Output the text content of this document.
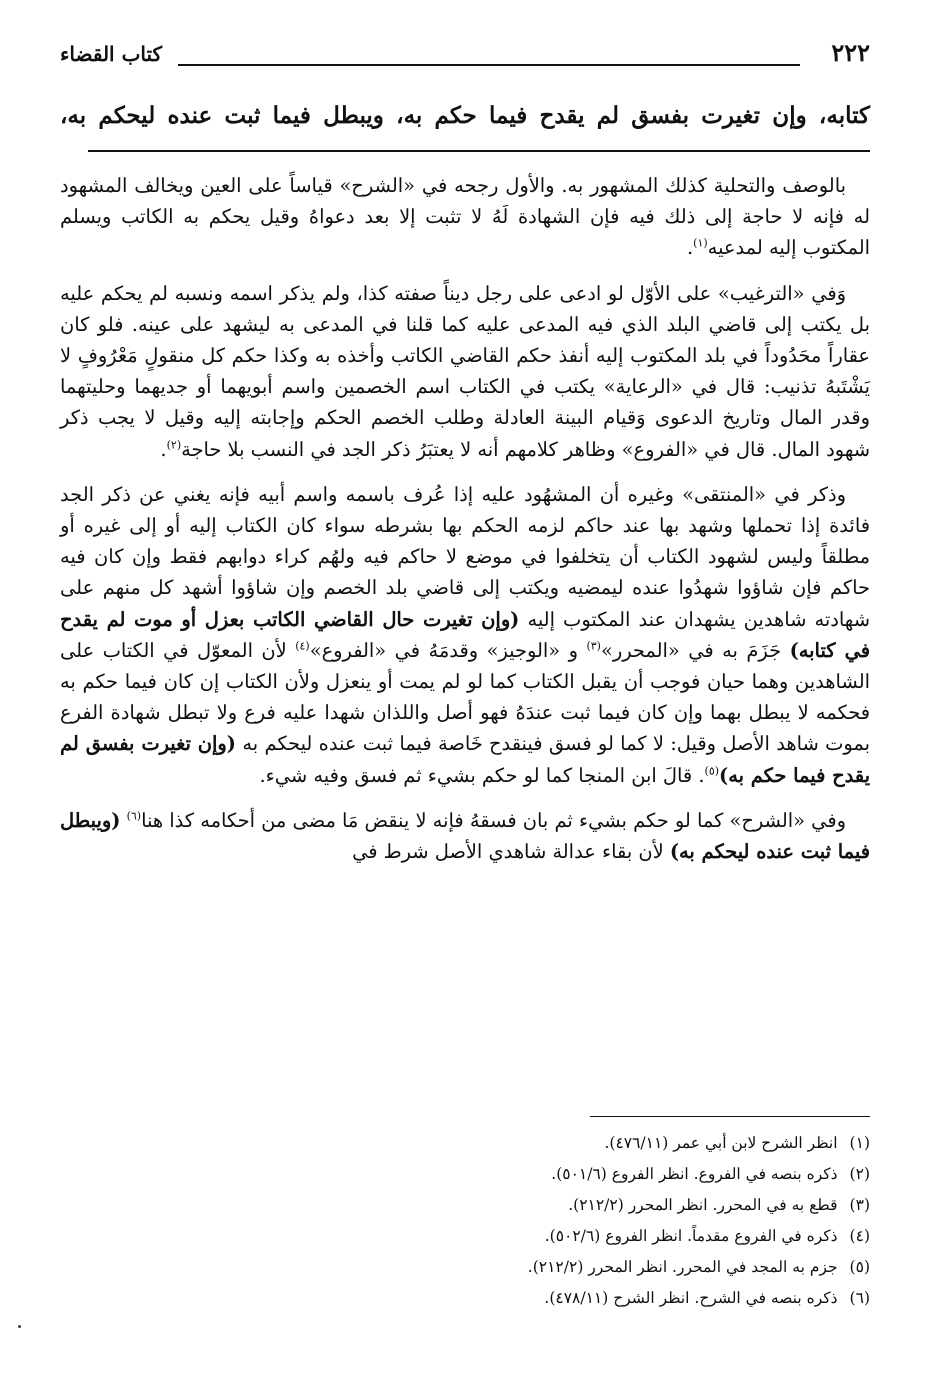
٢٢٢
كتاب القضاء
كتابه، وإن تغيرت بفسق لم يقدح فيما حكم به، ويبطل فيما ثبت عنده ليحكم به،

بالوصف والتحلية كذلك المشهور به. والأول رجحه في «الشرح» قياساً على العين ويخالف المشهود له فإنه لا حاجة إلى ذلك فيه فإن الشهادة لَهُ لا تثبت إلا بعد دعواهُ وقيل يحكم به الكاتب ويسلم المكتوب إليه لمدعيه$^{(١)}$.

وَفي «الترغيب» على الأوّل لو ادعى على رجل ديناً صفته كذا، ولم يذكر اسمه ونسبه لم يحكم عليه بل يكتب إلى قاضي البلد الذي فيه المدعى عليه كما قلنا في المدعى به ليشهد على عينه. فلو كان عقاراً محَدُوداً في بلد المكتوب إليه أنفذ حكم القاضي الكاتب وأخذه به وكذا حكم كل منقولٍ مَعْرُوفٍ لا يَشْتَبهُ تذنيب: قال في «الرعاية» يكتب في الكتاب اسم الخصمين واسم أبويهما أو جديهما وحليتهما وقدر المال وتاريخ الدعوى وَقيام البينة العادلة وطلب الخصم الحكم وإجابته إليه وقيل لا يجب ذكر شهود المال. قال في «الفروع» وظاهر كلامهم أنه لا يعتبَرُ ذكر الجد في النسب بلا حاجة$^{(٢)}$.

وذكر في «المنتقى» وغيره أن المشهُود عليه إذا عُرف باسمه واسم أبيه فإنه يغني عن ذكر الجد فائدة إذا تحملها وشهد بها عند حاكم لزمه الحكم بها بشرطه سواء كان الكتاب إليه أو إلى غيره أو مطلقاً وليس لشهود الكتاب أن يتخلفوا في موضع لا حاكم فيه ولهُم كراء دوابهم فقط وإن كان فيه حاكم فإن شاؤوا شهدُوا عنده ليمضيه ويكتب إلى قاضي بلد الخصم وإن شاؤوا أشهد كل منهم على شهادته شاهدين يشهدان عند المكتوب إليه (وإن تغيرت حال القاضي الكاتب بعزل أو موت لم يقدح في كتابه) جَزَمَ به في «المحرر»$^{(٣)}$ و «الوجيز» وقدمَهُ في «الفروع»$^{(٤)}$ لأن المعوّل في الكتاب على الشاهدين وهما حيان فوجب أن يقبل الكتاب كما لو لم يمت أو ينعزل ولأن الكتاب إن كان فيما حكم به فحكمه لا يبطل بهما وإن كان فيما ثبت عندَهُ فهو أصل واللذان شهدا عليه فرع ولا تبطل شهادة الفرع بموت شاهد الأصل وقيل: لا كما لو فسق فينقدح خَاصة فيما ثبت عنده ليحكم به (وإن تغيرت بفسق لم يقدح فيما حكم به)$^{(٥)}$. قالَ ابن المنجا كما لو حكم بشيء ثم فسق وفيه شيء.

وفي «الشرح» كما لو حكم بشيء ثم بان فسقهُ فإنه لا ينقض مَا مضى من أحكامه كذا هنا$^{(٦)}$ (ويبطل فيما ثبت عنده ليحكم به) لأن بقاء عدالة شاهدي الأصل شرط في

(١)انظر الشرح لابن أبي عمر (٤٧٦/١١).
(٢)ذكره بنصه في الفروع. انظر الفروع (٥٠١/٦).
(٣)قطع به في المحرر. انظر المحرر (٢١٢/٢).
(٤)ذكره في الفروع مقدماً. انظر الفروع (٥٠٢/٦).
(٥)جزم به المجد في المحرر. انظر المحرر (٢١٢/٢).
(٦)ذكره بنصه في الشرح. انظر الشرح (٤٧٨/١١).
